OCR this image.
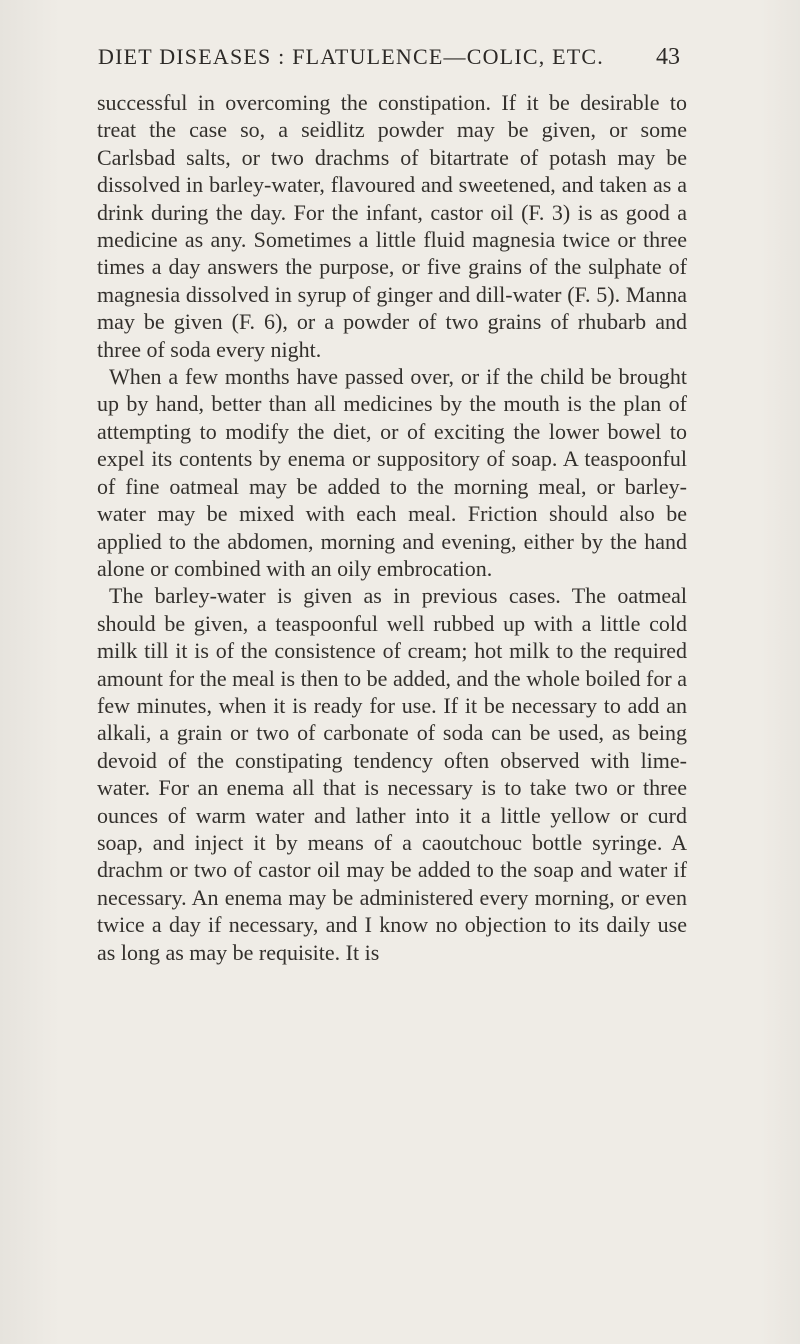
DIET DISEASES : FLATULENCE—COLIC, ETC. 43

successful in overcoming the constipation. If it be desirable to treat the case so, a seidlitz powder may be given, or some Carlsbad salts, or two drachms of bitartrate of potash may be dissolved in barley-water, flavoured and sweetened, and taken as a drink during the day. For the infant, castor oil (F. 3) is as good a medicine as any. Sometimes a little fluid magnesia twice or three times a day answers the purpose, or five grains of the sulphate of magnesia dissolved in syrup of ginger and dill-water (F. 5). Manna may be given (F. 6), or a powder of two grains of rhubarb and three of soda every night.

When a few months have passed over, or if the child be brought up by hand, better than all medicines by the mouth is the plan of attempting to modify the diet, or of exciting the lower bowel to expel its contents by enema or suppository of soap. A teaspoonful of fine oatmeal may be added to the morning meal, or barley-water may be mixed with each meal. Friction should also be applied to the abdomen, morning and evening, either by the hand alone or combined with an oily embrocation.

The barley-water is given as in previous cases. The oatmeal should be given, a teaspoonful well rubbed up with a little cold milk till it is of the consistence of cream; hot milk to the required amount for the meal is then to be added, and the whole boiled for a few minutes, when it is ready for use. If it be necessary to add an alkali, a grain or two of carbonate of soda can be used, as being devoid of the constipating tendency often observed with lime-water. For an enema all that is necessary is to take two or three ounces of warm water and lather into it a little yellow or curd soap, and inject it by means of a caoutchouc bottle syringe. A drachm or two of castor oil may be added to the soap and water if necessary. An enema may be administered every morning, or even twice a day if necessary, and I know no objection to its daily use as long as may be requisite. It is
